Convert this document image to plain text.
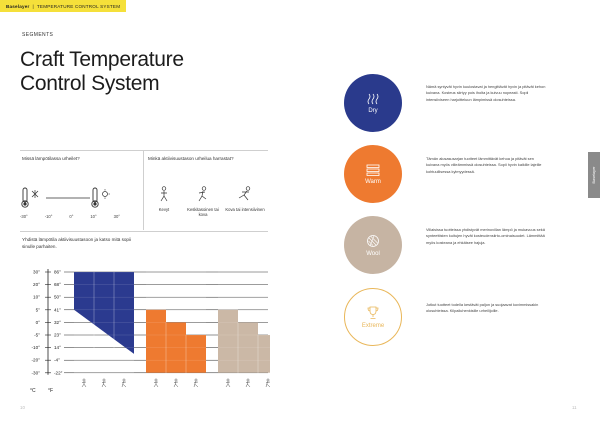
Baselayer | TEMPERATURE CONTROL SYSTEM
SEGMENTS
Craft Temperature
Control System
Missä lämpötilassa urheilet?	Minkä aktiivisuustason urheilua harrastat?
-30°	-10°	0°	10°	30°
Kevyt	Keskitasoinen tai kova
Kova tai intensiivinen
Yhdistä lämpötila aktiivisuustasoon ja katso mitä sopii sinulle parhaiten.
30°	86°
20°	68°
10°	50°
5°	41°
0°	32°
-5°	23°
-10°	14°
-20°	-4°
-30°	-22°
°C °F
Dry
Nämä syntyvät hyvin kuulostavat ja hengittävät hyvin ja pitävät kehon kuivana. Kosteus siirtyy pois iholta ja kuivuu nopeasti. Sopii intensiiviseen harjoitteluun lämpimissä olosuhteissa.
Warm
Tämän alusasusarjan tuotteet lämmittävät kehoa ja pitävät sen kuivana myös viileämmissä olosuhteissa. Sopii hyvin kaikille lajeille kohtuullisessa kylmyydessä.
Wool
Villaisissa tuotteissa yhdistyvät merinovillan lämpö ja mukavuus sekä synteettisten kuitujen hyvät kosteudensiirto-ominaisuudet. Lämmittää myös kosteana ja ehkäisee hajuja.
Extreme
Jotkut tuotteet todella kestävät paljon ja suojaavat kovimmissakin olosuhteissa. Kilpailuhenkisille urheilijoille.
Baselayer
10	11
